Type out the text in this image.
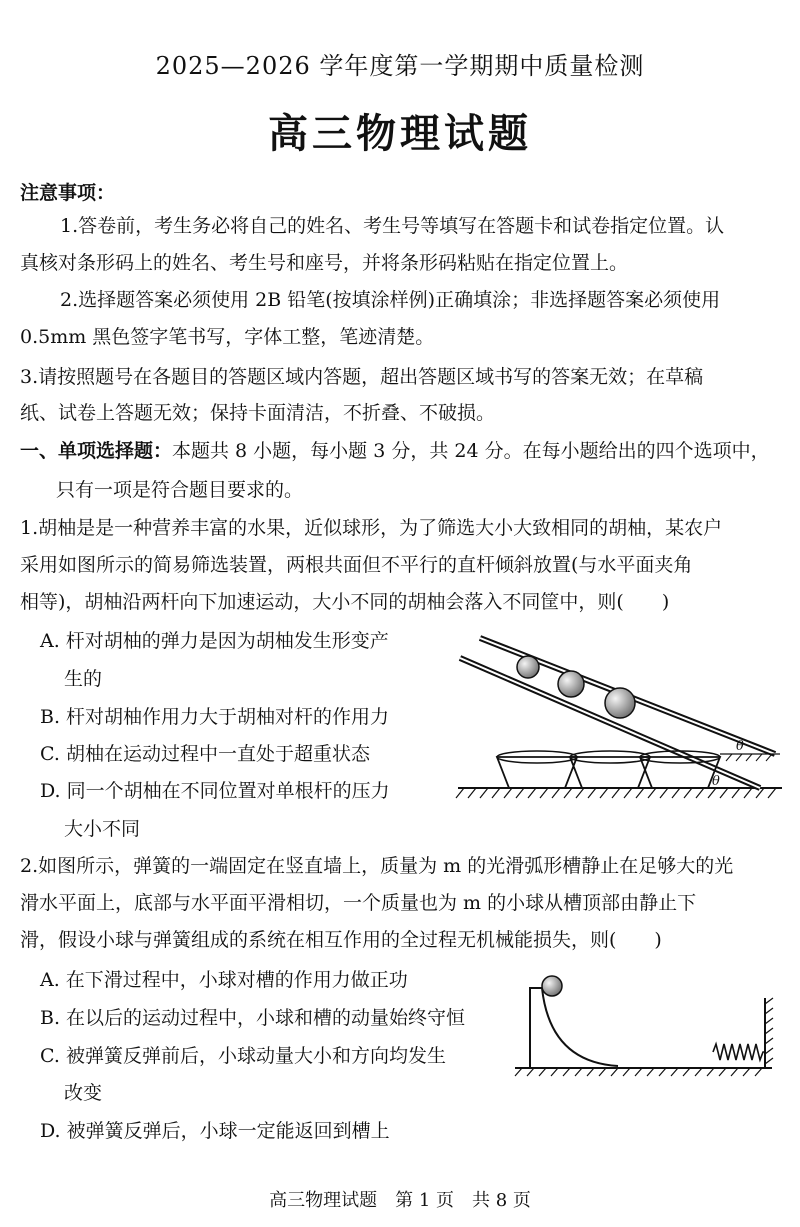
2025—2026 学年度第一学期期中质量检测
高三物理试题
注意事项：
1.答卷前，考生务必将自己的姓名、考生号等填写在答题卡和试卷指定位置。认
真核对条形码上的姓名、考生号和座号，并将条形码粘贴在指定位置上。
2.选择题答案必须使用 2B 铅笔(按填涂样例)正确填涂；非选择题答案必须使用
0.5mm 黑色签字笔书写，字体工整，笔迹清楚。
3.请按照题号在各题目的答题区域内答题，超出答题区域书写的答案无效；在草稿
纸、试卷上答题无效；保持卡面清洁，不折叠、不破损。
一、单项选择题：本题共 8 小题，每小题 3 分，共 24 分。在每小题给出的四个选项中，
只有一项是符合题目要求的。
1.胡柚是是一种营养丰富的水果，近似球形，为了筛选大小大致相同的胡柚，某农户
采用如图所示的简易筛选装置，两根共面但不平行的直杆倾斜放置(与水平面夹角
相等)，胡柚沿两杆向下加速运动，大小不同的胡柚会落入不同筐中，则(　　)
A. 杆对胡柚的弹力是因为胡柚发生形变产
生的
B. 杆对胡柚作用力大于胡柚对杆的作用力
C. 胡柚在运动过程中一直处于超重状态
D. 同一个胡柚在不同位置对单根杆的压力
大小不同
θ
θ
2.如图所示，弹簧的一端固定在竖直墙上，质量为 m 的光滑弧形槽静止在足够大的光
滑水平面上，底部与水平面平滑相切，一个质量也为 m 的小球从槽顶部由静止下
滑，假设小球与弹簧组成的系统在相互作用的全过程无机械能损失，则(　　)
A. 在下滑过程中，小球对槽的作用力做正功
B. 在以后的运动过程中，小球和槽的动量始终守恒
C. 被弹簧反弹前后，小球动量大小和方向均发生
改变
D. 被弹簧反弹后，小球一定能返回到槽上
高三物理试题　第 1 页　共 8 页
